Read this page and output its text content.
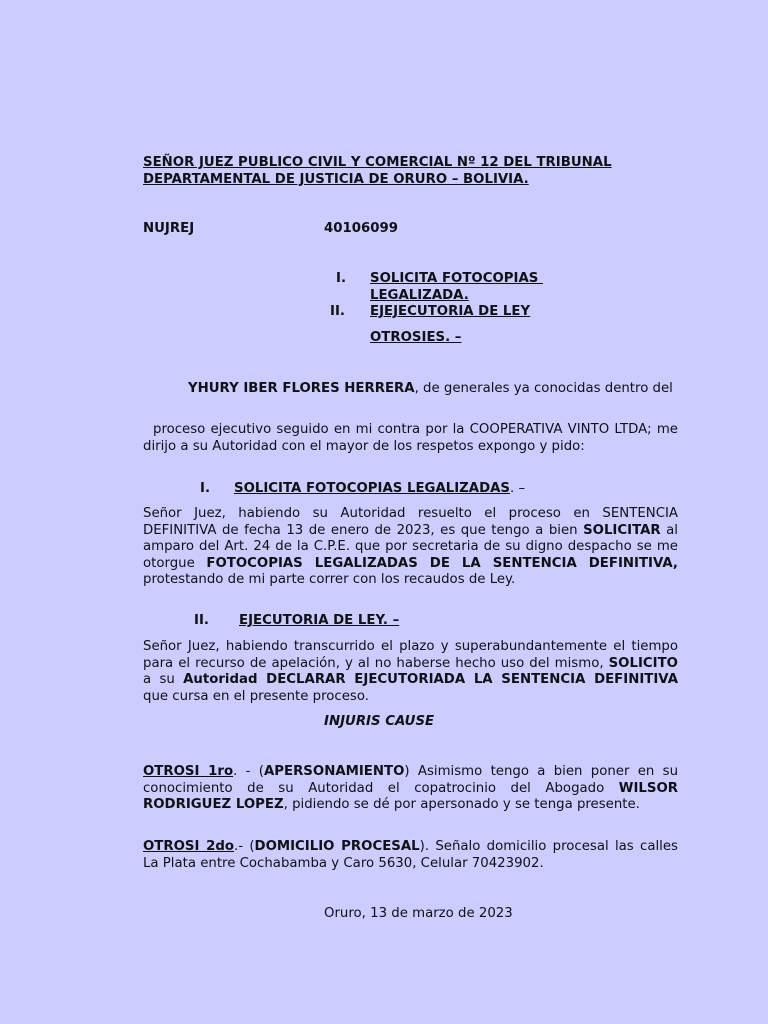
SEÑOR JUEZ PUBLICO CIVIL Y COMERCIAL Nº 12 DEL TRIBUNAL
DEPARTAMENTAL DE JUSTICIA DE ORURO – BOLIVIA.
NUJREJ	40106099
I. SOLICITA FOTOCOPIAS
LEGALIZADA.
II. EJEJECUTORIA DE LEY
OTROSIES. –
YHURY IBER FLORES HERRERA, de generales ya conocidas dentro del
proceso ejecutivo seguido en mi contra por la COOPERATIVA VINTO LTDA; me dirijo a su Autoridad con el mayor de los respetos expongo y pido:
I. SOLICITA FOTOCOPIAS LEGALIZADAS. –
Señor Juez, habiendo su Autoridad resuelto el proceso en SENTENCIA DEFINITIVA de fecha 13 de enero de 2023, es que tengo a bien SOLICITAR al amparo del Art. 24 de la C.P.E. que por secretaria de su digno despacho se me otorgue FOTOCOPIAS LEGALIZADAS DE LA SENTENCIA DEFINITIVA, protestando de mi parte correr con los recaudos de Ley.
II. EJECUTORIA DE LEY. –
Señor Juez, habiendo transcurrido el plazo y superabundantemente el tiempo para el recurso de apelación, y al no haberse hecho uso del mismo, SOLICITO a su Autoridad DECLARAR EJECUTORIADA LA SENTENCIA DEFINITIVA que cursa en el presente proceso.
INJURIS CAUSE
OTROSI 1ro. - (APERSONAMIENTO) Asimismo tengo a bien poner en su conocimiento de su Autoridad el copatrocinio del Abogado WILSOR RODRIGUEZ LOPEZ, pidiendo se dé por apersonado y se tenga presente.
OTROSI 2do.- (DOMICILIO PROCESAL). Señalo domicilio procesal las calles La Plata entre Cochabamba y Caro 5630, Celular 70423902.
Oruro, 13 de marzo de 2023
